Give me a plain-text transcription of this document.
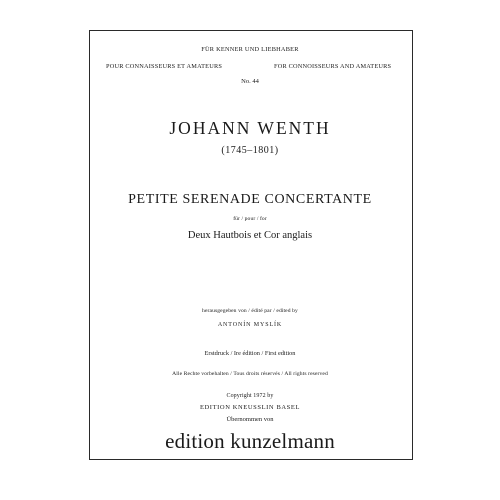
FÜR KENNER UND LIEBHABER
POUR CONNAISSEURS ET AMATEURS	FOR CONNOISSEURS AND AMATEURS
No. 44
JOHANN WENTH
(1745–1801)
PETITE SERENADE CONCERTANTE
für / pour / for
Deux Hautbois et Cor anglais
herausgegeben von / édité par / edited by
ANTONÍN MYSLÍK
Erstdruck / Ire édition / First edition
Alle Rechte vorbehalten / Tous droits réservés / All rights reserved
Copyright 1972 by
EDITION KNEUSSLIN BASEL
Übernommen von
edition kunzelmann
